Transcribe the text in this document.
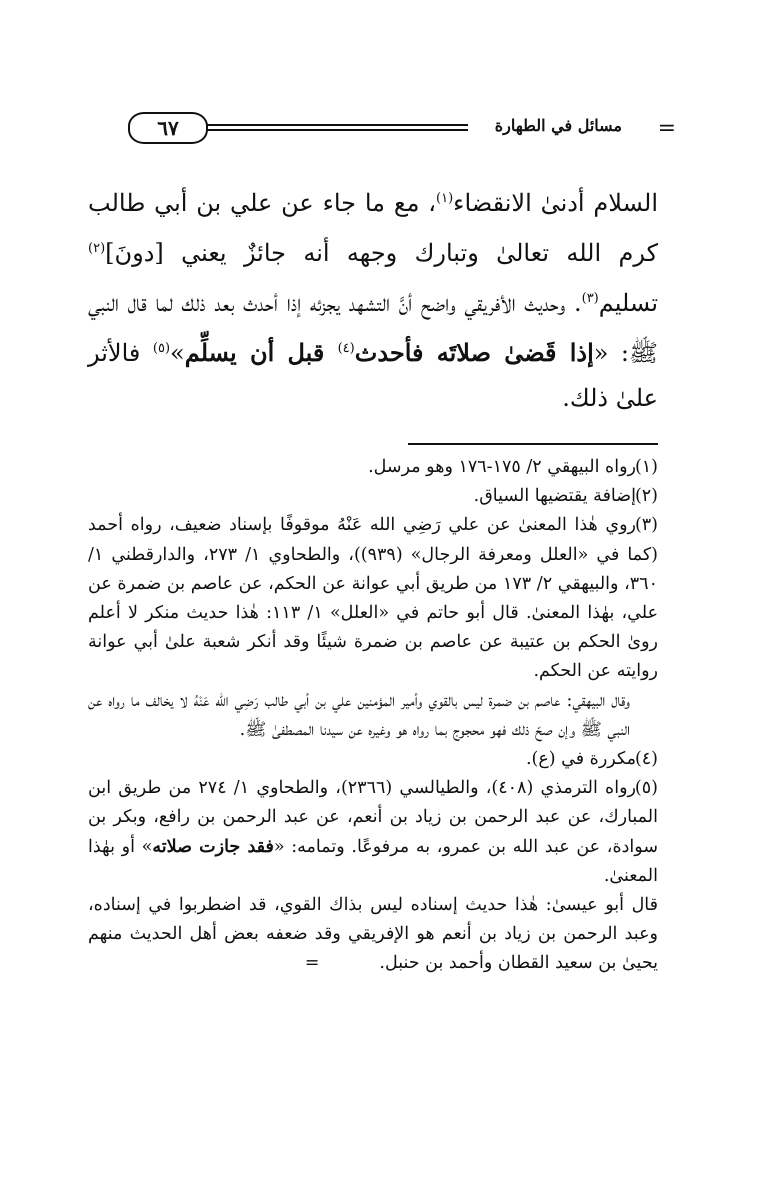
=
مسائل في الطهارة
٦٧

السلام أدنىٰ الانقضاء$^{(١)}$، مع ما جاء عن علي بن أبي طالب كرم الله تعالىٰ وتبارك وجهه أنه جائزٌ يعني [دونَ]$^{(٢)}$ تسليم$^{(٣)}$. وحديث الأفريقي واضح أنَّ التشهد يجزئه إذا أحدث بعد ذلك لما قال النبي ﷺ: «إذا قَضىٰ صلاتَه فأحدث$^{(٤)}$ قبل أن يسلِّم»$^{(٥)}$ فالأثر علىٰ ذلك.

(١)رواه البيهقي ٢/ ١٧٥-١٧٦ وهو مرسل.

(٢)إضافة يقتضيها السياق.

(٣)روي هٰذا المعنىٰ عن علي رَضِي الله عَنْهُ موقوفًا بإسناد ضعيف، رواه أحمد (كما في «العلل ومعرفة الرجال» (٩٣٩))، والطحاوي ١/ ٢٧٣، والدارقطني ١/ ٣٦٠، والبيهقي ٢/ ١٧٣ من طريق أبي عوانة عن الحكم، عن عاصم بن ضمرة عن علي، بهٰذا المعنىٰ. قال أبو حاتم في «العلل» ١/ ١١٣: هٰذا حديث منكر لا أعلم روىٰ الحكم بن عتيبة عن عاصم بن ضمرة شيئًا وقد أنكر شعبة علىٰ أبي عوانة روايته عن الحكم.

وقال البيهقي: عاصم بن ضمرة ليس بالقوي وأمير المؤمنين علي بن أبي طالب رَضِي الله عَنْهُ لا يخالف ما رواه عن النبي ﷺ وإن صحّ ذلك فهو محجوج بما رواه هو وغيره عن سيدنا المصطفىٰ ﷺ.

(٤)مكررة في (ع).

(٥)رواه الترمذي (٤٠٨)، والطيالسي (٢٣٦٦)، والطحاوي ١/ ٢٧٤ من طريق ابن المبارك، عن عبد الرحمن بن زياد بن أنعم، عن عبد الرحمن بن رافع، وبكر بن سوادة، عن عبد الله بن عمرو، به مرفوعًا. وتمامه: «فقد جازت صلاته» أو بهٰذا المعنىٰ.

قال أبو عيسىٰ: هٰذا حديث إسناده ليس بذاك القوي، قد اضطربوا في إسناده، وعبد الرحمن بن زياد بن أنعم هو الإفريقي وقد ضعفه بعض أهل الحديث منهم يحيىٰ بن سعيد القطان وأحمد بن حنبل.=
